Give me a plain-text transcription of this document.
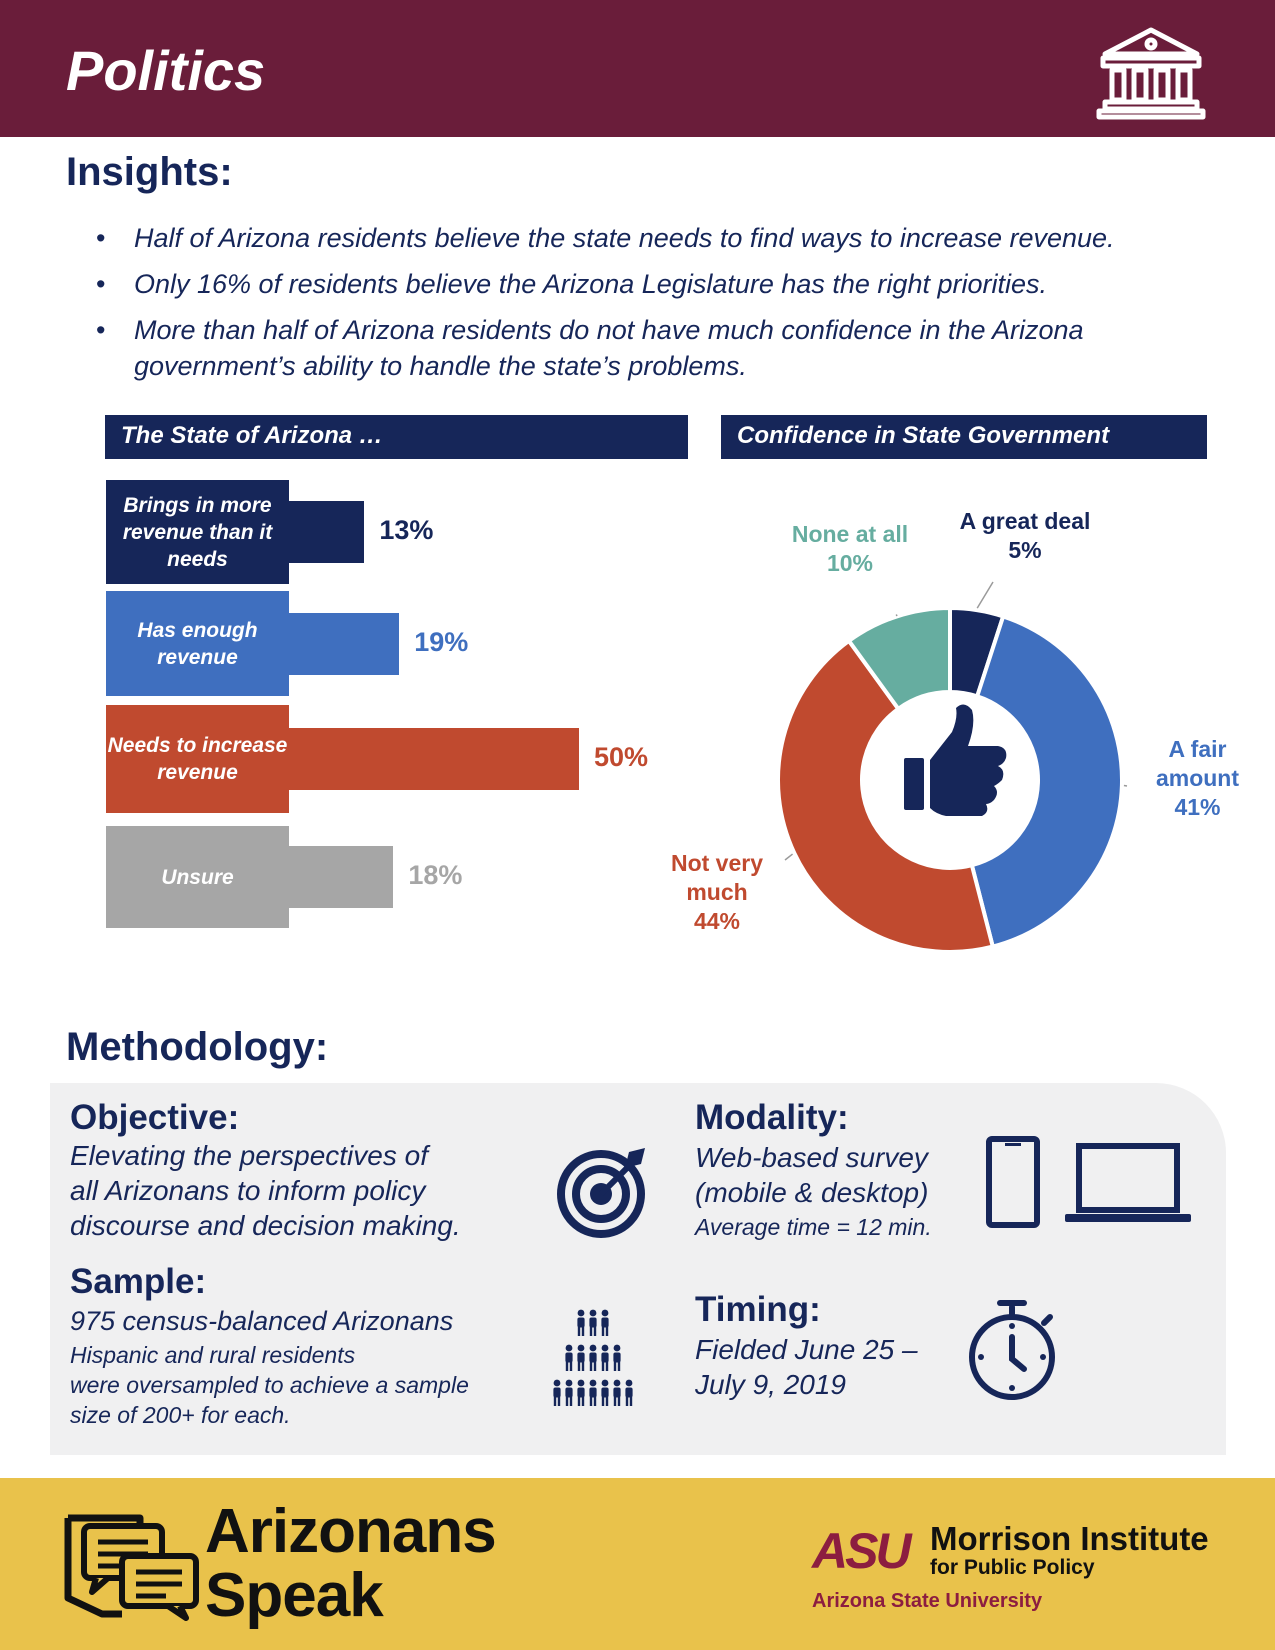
Politics
Insights:
• Half of Arizona residents believe the state needs to find ways to increase revenue.
• Only 16% of residents believe the Arizona Legislature has the right priorities.
• More than half of Arizona residents do not have much confidence in the Arizona government’s ability to handle the state’s problems.
The State of Arizona …
Brings in more revenue than it needs
13%
Has enough revenue
19%
Needs to increase revenue
50%
Unsure	18%
Confidence in State Government
A great deal
5%
A fair amount
41%
Not very much
44%
None at all
10%
Methodology:
Objective:
Elevating the perspectives of
all Arizonans to inform policy
discourse and decision making.
Sample:
975 census-balanced Arizonans
Hispanic and rural residents
were oversampled to achieve a sample
size of 200+ for each.
Modality:
Web-based survey
(mobile & desktop)
Average time = 12 min.
Timing:
Fielded June 25 –
July 9, 2019
Arizonans
Speak
ASU Morrison Institute
for Public Policy
Arizona State University
